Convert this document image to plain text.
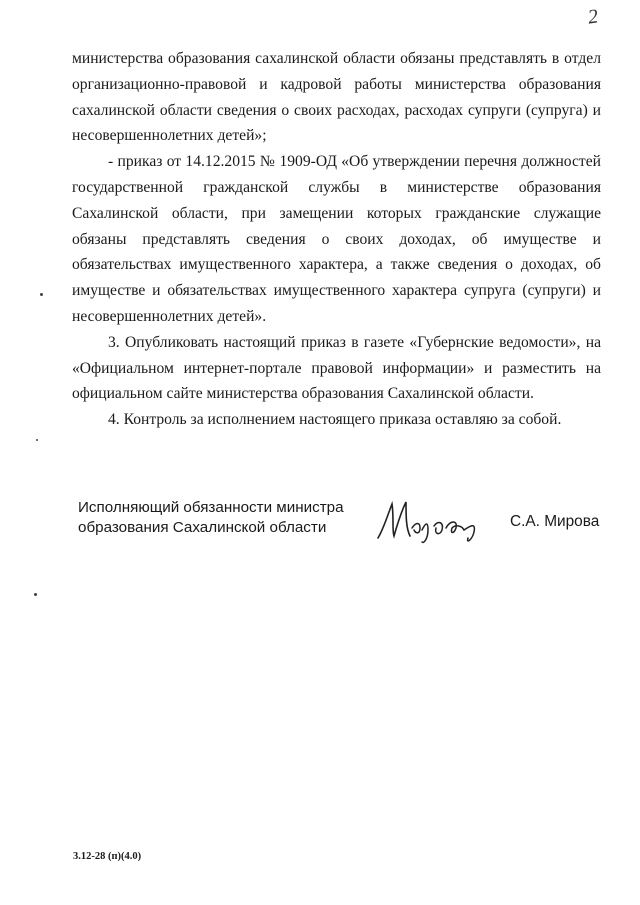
2

министерства образования сахалинской области обязаны представлять в отдел организационно-правовой и кадровой работы министерства образования сахалинской области сведения о своих расходах, расходах супруги (супруга) и несовершеннолетних детей»;

- приказ от 14.12.2015 № 1909-ОД «Об утверждении перечня должностей государственной гражданской службы в министерстве образования Сахалинской области, при замещении которых гражданские служащие обязаны представлять сведения о своих доходах, об имуществе и обязательствах имущественного характера, а также сведения о доходах, об имуществе и обязательствах имущественного характера супруга (супруги) и несовершеннолетних детей».

3. Опубликовать настоящий приказ в газете «Губернские ведомости», на «Официальном интернет-портале правовой информации» и разместить на официальном сайте министерства образования Сахалинской области.

4. Контроль за исполнением настоящего приказа оставляю за собой.

Исполняющий обязанности министра
образования Сахалинской области	С.А. Мирова
3.12-28 (п)(4.0)
